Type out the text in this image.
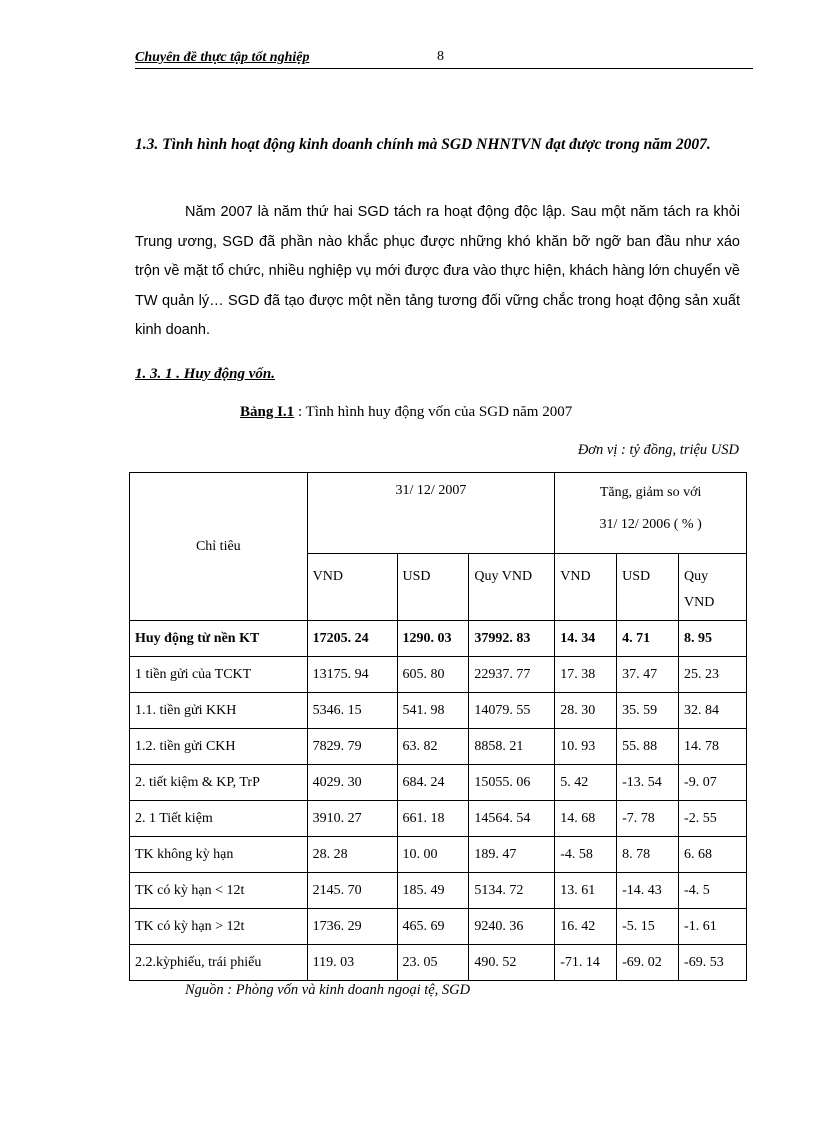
Chuyên đề thực tập tốt nghiệp	8
1.3. Tình hình hoạt động kinh doanh chính mà SGD NHNTVN đạt được trong năm 2007.
Năm 2007 là năm thứ hai SGD tách ra hoạt động độc lập. Sau một năm tách ra khỏi Trung ương, SGD đã phần nào khắc phục được những khó khăn bỡ ngỡ ban đầu như xáo trộn về mặt tổ chức, nhiều nghiệp vụ mới được đưa vào thực hiện, khách hàng lớn chuyển về TW quản lý… SGD đã tạo được một nền tảng tương đối vững chắc trong hoạt động sản xuất kinh doanh.
1. 3. 1 . Huy động vốn.
Bảng I.1 : Tình hình huy động vốn của SGD năm 2007
Đơn vị : tỷ đồng, triệu USD
Chỉ tiêu	31/ 12/ 2007			Tăng, giảm so với
31/ 12/ 2006 ( % )		

	VND	USD	Quy VND	VND	USD	Quy
VND
Huy động từ nền KT	17205. 24	1290. 03	37992. 83	14. 34	4. 71	8. 95
1 tiền gửi của TCKT	13175. 94	605. 80	22937. 77	17. 38	37. 47	25. 23
1.1. tiền gửi KKH	5346. 15	541. 98	14079. 55	28. 30	35. 59	32. 84
1.2. tiền gửi CKH	7829. 79	63. 82	8858. 21	10. 93	55. 88	14. 78
2. tiết kiệm & KP, TrP	4029. 30	684. 24	15055. 06	5. 42	-13. 54	-9. 07
2. 1 Tiết kiệm	3910. 27	661. 18	14564. 54	14. 68	-7. 78	-2. 55
TK không kỳ hạn	28. 28	10. 00	189. 47	-4. 58	8. 78	6. 68
TK có kỳ hạn < 12t	2145. 70	185. 49	5134. 72	13. 61	-14. 43	-4. 5
TK có kỳ hạn > 12t	1736. 29	465. 69	9240. 36	16. 42	-5. 15	-1. 61
2.2.kỳphiếu, trái phiếu	119. 03	23. 05	490. 52	-71. 14	-69. 02	-69. 53
Nguồn : Phòng vốn và kinh doanh ngoại tệ, SGD
